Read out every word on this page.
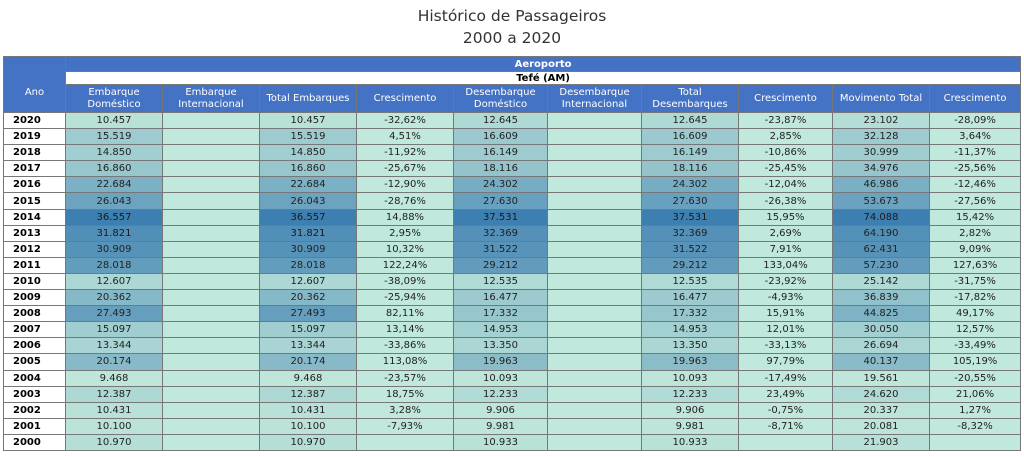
Histórico de Passageiros
2000 a 2020
Ano	Aeroporto									
	Tefé (AM)									
	Embarque Doméstico	Embarque Internacional	Total Embarques	Crescimento	Desembarque Doméstico	Desembarque Internacional	Total Desembarques	Crescimento	Movimento Total	Crescimento
2020	10.457		10.457	-32,62%	12.645		12.645	-23,87%	23.102	-28,09%
2019	15.519		15.519	4,51%	16.609		16.609	2,85%	32.128	3,64%
2018	14.850		14.850	-11,92%	16.149		16.149	-10,86%	30.999	-11,37%
2017	16.860		16.860	-25,67%	18.116		18.116	-25,45%	34.976	-25,56%
2016	22.684		22.684	-12,90%	24.302		24.302	-12,04%	46.986	-12,46%
2015	26.043		26.043	-28,76%	27.630		27.630	-26,38%	53.673	-27,56%
2014	36.557		36.557	14,88%	37.531		37.531	15,95%	74.088	15,42%
2013	31.821		31.821	2,95%	32.369		32.369	2,69%	64.190	2,82%
2012	30.909		30.909	10,32%	31.522		31.522	7,91%	62.431	9,09%
2011	28.018		28.018	122,24%	29.212		29.212	133,04%	57.230	127,63%
2010	12.607		12.607	-38,09%	12.535		12.535	-23,92%	25.142	-31,75%
2009	20.362		20.362	-25,94%	16.477		16.477	-4,93%	36.839	-17,82%
2008	27.493		27.493	82,11%	17.332		17.332	15,91%	44.825	49,17%
2007	15.097		15.097	13,14%	14.953		14.953	12,01%	30.050	12,57%
2006	13.344		13.344	-33,86%	13.350		13.350	-33,13%	26.694	-33,49%
2005	20.174		20.174	113,08%	19.963		19.963	97,79%	40.137	105,19%
2004	9.468		9.468	-23,57%	10.093		10.093	-17,49%	19.561	-20,55%
2003	12.387		12.387	18,75%	12.233		12.233	23,49%	24.620	21,06%
2002	10.431		10.431	3,28%	9.906		9.906	-0,75%	20.337	1,27%
2001	10.100		10.100	-7,93%	9.981		9.981	-8,71%	20.081	-8,32%
2000	10.970		10.970		10.933		10.933		21.903	
